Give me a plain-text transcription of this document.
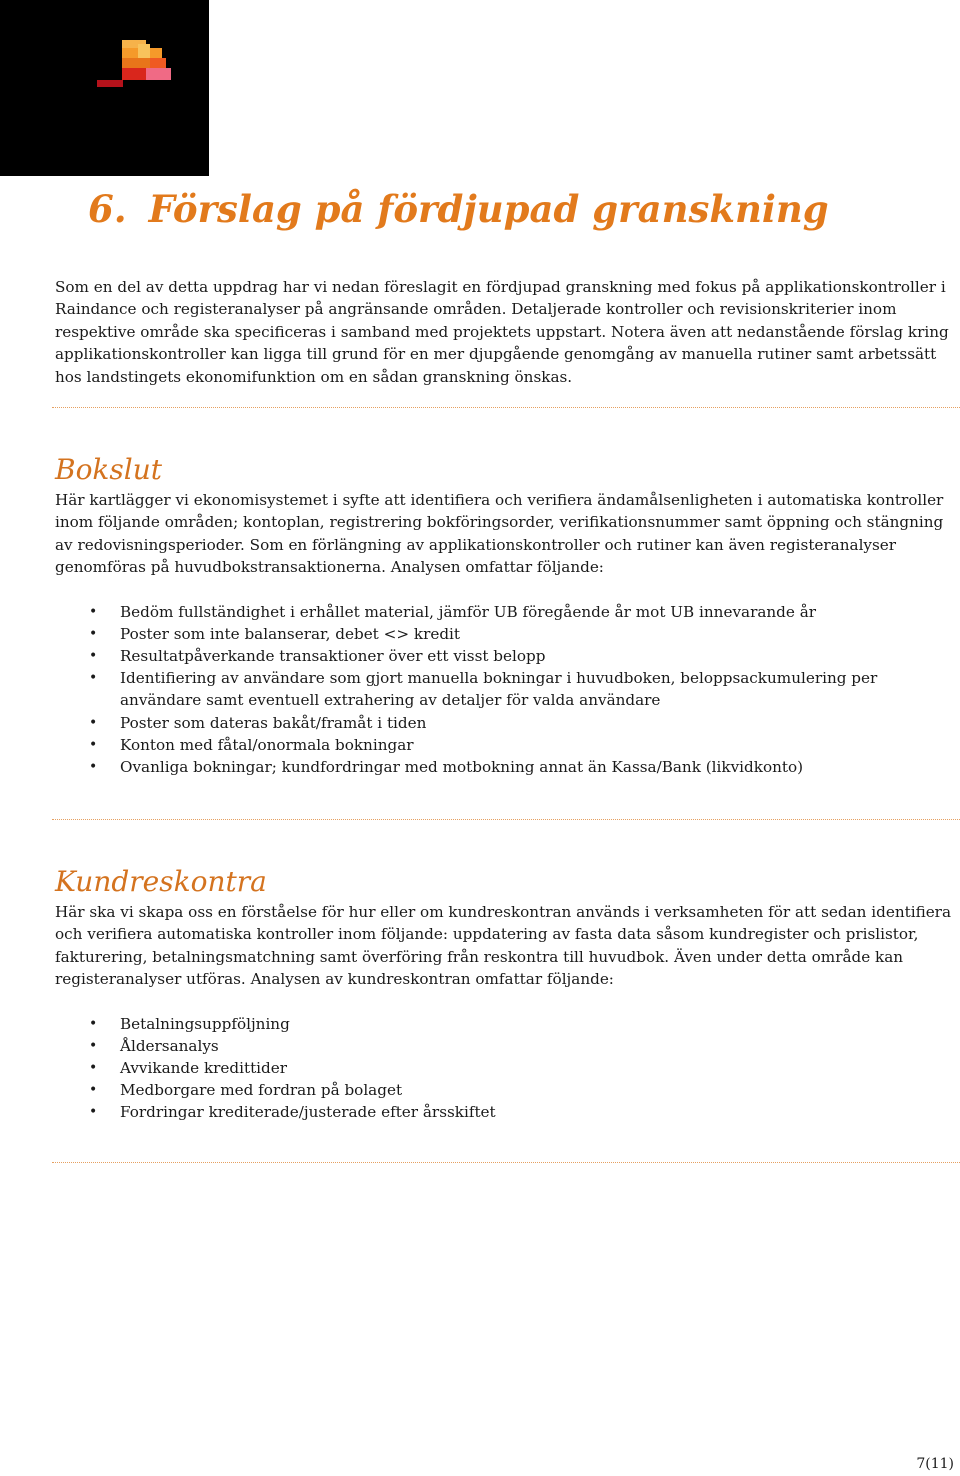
6. Förslag på fördjupad granskning

Som en del av detta uppdrag har vi nedan föreslagit en fördjupad granskning med fokus på applikationskontroller i Raindance och registeranalyser på angränsande områden. Detaljerade kontroller och revisionskriterier inom respektive område ska specificeras i samband med projektets uppstart. Notera även att nedanstående förslag kring applikationskontroller kan ligga till grund för en mer djupgående genomgång av manuella rutiner samt arbetssätt hos landstingets ekonomifunktion om en sådan granskning önskas.

Bokslut

Här kartlägger vi ekonomisystemet i syfte att identifiera och verifiera ändamålsenligheten i automatiska kontroller inom följande områden; kontoplan, registrering bokföringsorder, verifikationsnummer samt öppning och stängning av redovisningsperioder. Som en förlängning av applikationskontroller och rutiner kan även registeranalyser genomföras på huvudbokstransaktionerna. Analysen omfattar följande:

• Bedöm fullständighet i erhållet material, jämför UB föregående år mot UB innevarande år
• Poster som inte balanserar, debet <> kredit
• Resultatpåverkande transaktioner över ett visst belopp
• Identifiering av användare som gjort manuella bokningar i huvudboken, beloppsackumulering per användare samt eventuell extrahering av detaljer för valda användare
• Poster som dateras bakåt/framåt i tiden
• Konton med fåtal/onormala bokningar
• Ovanliga bokningar; kundfordringar med motbokning annat än Kassa/Bank (likvidkonto)
Kundreskontra

Här ska vi skapa oss en förståelse för hur eller om kundreskontran används i verksamheten för att sedan identifiera och verifiera automatiska kontroller inom följande: uppdatering av fasta data såsom kundregister och prislistor, fakturering, betalningsmatchning samt överföring från reskontra till huvudbok. Även under detta område kan registeranalyser utföras. Analysen av kundreskontran omfattar följande:

• Betalningsuppföljning
• Åldersanalys
• Avvikande kredittider
• Medborgare med fordran på bolaget
• Fordringar krediterade/justerade efter årsskiftet
7(11)
